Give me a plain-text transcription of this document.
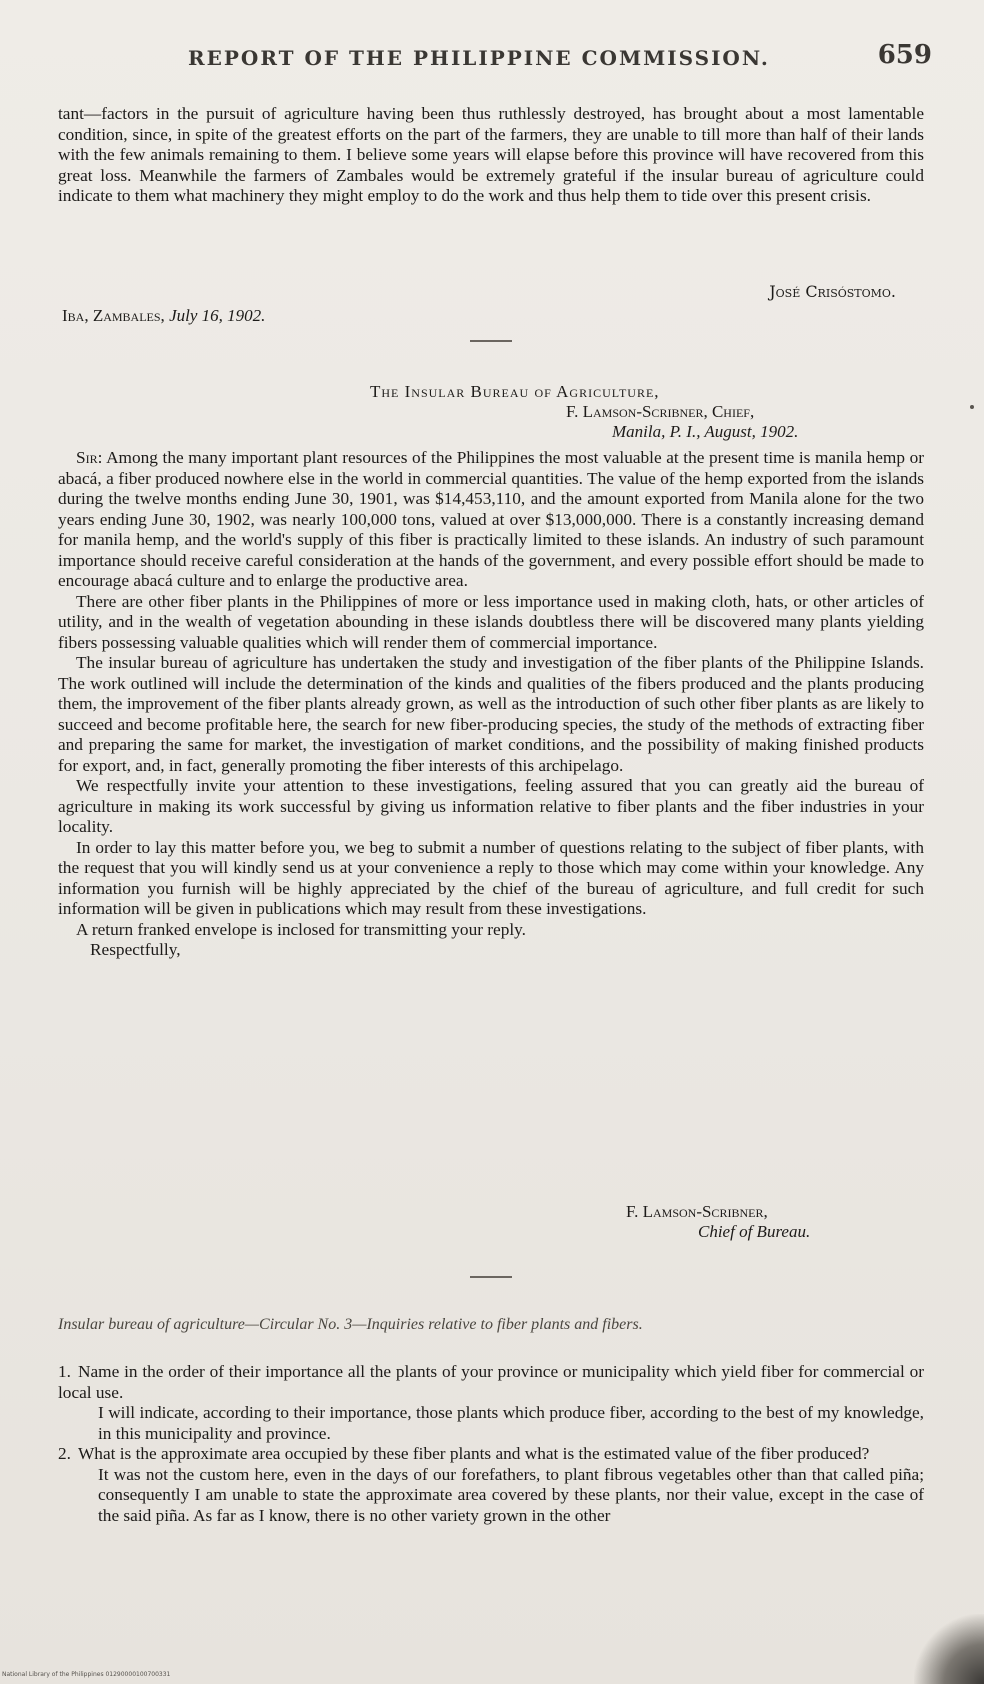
REPORT OF THE PHILIPPINE COMMISSION.	659

tant—factors in the pursuit of agriculture having been thus ruthlessly destroyed, has brought about a most lamentable condition, since, in spite of the greatest efforts on the part of the farmers, they are unable to till more than half of their lands with the few animals remaining to them. I believe some years will elapse before this province will have recovered from this great loss. Meanwhile the farmers of Zambales would be extremely grateful if the insular bureau of agriculture could indicate to them what machinery they might employ to do the work and thus help them to tide over this present crisis.

José Crisóstomo.
Iba, Zambales, July 16, 1902.
The Insular Bureau of Agriculture,
F. Lamson-Scribner, Chief,
Manila, P. I., August, 1902.

Sir: Among the many important plant resources of the Philippines the most valuable at the present time is manila hemp or abacá, a fiber produced nowhere else in the world in commercial quantities. The value of the hemp exported from the islands during the twelve months ending June 30, 1901, was $14,453,110, and the amount exported from Manila alone for the two years ending June 30, 1902, was nearly 100,000 tons, valued at over $13,000,000. There is a constantly increasing demand for manila hemp, and the world's supply of this fiber is practically limited to these islands. An industry of such paramount importance should receive careful consideration at the hands of the government, and every possible effort should be made to encourage abacá culture and to enlarge the productive area.

There are other fiber plants in the Philippines of more or less importance used in making cloth, hats, or other articles of utility, and in the wealth of vegetation abounding in these islands doubtless there will be discovered many plants yielding fibers possessing valuable qualities which will render them of commercial importance.

The insular bureau of agriculture has undertaken the study and investigation of the fiber plants of the Philippine Islands. The work outlined will include the determination of the kinds and qualities of the fibers produced and the plants producing them, the improvement of the fiber plants already grown, as well as the introduction of such other fiber plants as are likely to succeed and become profitable here, the search for new fiber-producing species, the study of the methods of extracting fiber and preparing the same for market, the investigation of market conditions, and the possibility of making finished products for export, and, in fact, generally promoting the fiber interests of this archipelago.

We respectfully invite your attention to these investigations, feeling assured that you can greatly aid the bureau of agriculture in making its work successful by giving us information relative to fiber plants and the fiber industries in your locality.

In order to lay this matter before you, we beg to submit a number of questions relating to the subject of fiber plants, with the request that you will kindly send us at your convenience a reply to those which may come within your knowledge. Any information you furnish will be highly appreciated by the chief of the bureau of agriculture, and full credit for such information will be given in publications which may result from these investigations.

A return franked envelope is inclosed for transmitting your reply.

Respectfully,

F. Lamson-Scribner,
Chief of Bureau.
Insular bureau of agriculture—Circular No. 3—Inquiries relative to fiber plants and fibers.

1. Name in the order of their importance all the plants of your province or municipality which yield fiber for commercial or local use.

I will indicate, according to their importance, those plants which produce fiber, according to the best of my knowledge, in this municipality and province.

2. What is the approximate area occupied by these fiber plants and what is the estimated value of the fiber produced?

It was not the custom here, even in the days of our forefathers, to plant fibrous vegetables other than that called piña; consequently I am unable to state the approximate area covered by these plants, nor their value, except in the case of the said piña. As far as I know, there is no other variety grown in the other

National Library of the Philippines 01290000100700331
